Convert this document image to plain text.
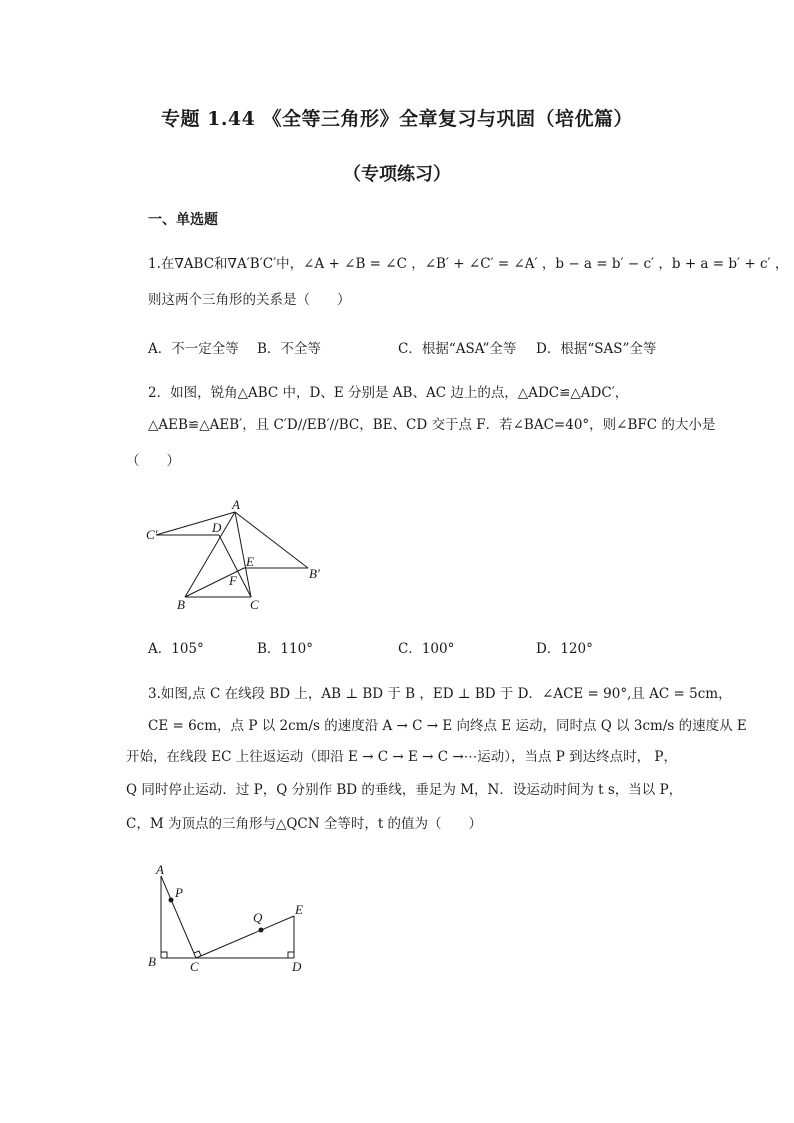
专题 1.44 《全等三角形》全章复习与巩固（培优篇）
（专项练习）
一、单选题
1.在∇ABC和∇A′B′C′中，∠A + ∠B = ∠C ，∠B′ + ∠C′ = ∠A′ ，b − a = b′ − c′ ，b + a = b′ + c′ ，
则这两个三角形的关系是（　　）
A．不一定全等 B．不全等	C．根据“ASA”全等 D．根据“SAS”全等
2．如图，锐角△ABC 中，D、E 分别是 AB、AC 边上的点，△ADC≌△ADC′，
△AEB≌△AEB′，且 C′D∕∕EB′∕∕BC，BE、CD 交于点 F．若∠BAC=40°，则∠BFC 的大小是
（　　）
A
C′	D
E
F	B′
B	C
A．105°	B．110°	C．100°	D．120°
3.如图,点 C 在线段 BD 上，AB ⊥ BD 于 B ，ED ⊥ BD 于 D．∠ACE = 90°,且 AC = 5cm，
CE = 6cm，点 P 以 2cm/s 的速度沿 A → C → E 向终点 E 运动，同时点 Q 以 3cm/s 的速度从 E
开始，在线段 EC 上往返运动（即沿 E → C → E → C →⋯运动），当点 P 到达终点时， P，
Q 同时停止运动．过 P，Q 分别作 BD 的垂线，垂足为 M，N．设运动时间为 t s，当以 P，
C，M 为顶点的三角形与△QCN 全等时，t 的值为（　　）
A
P
Q
E
B	C	D
